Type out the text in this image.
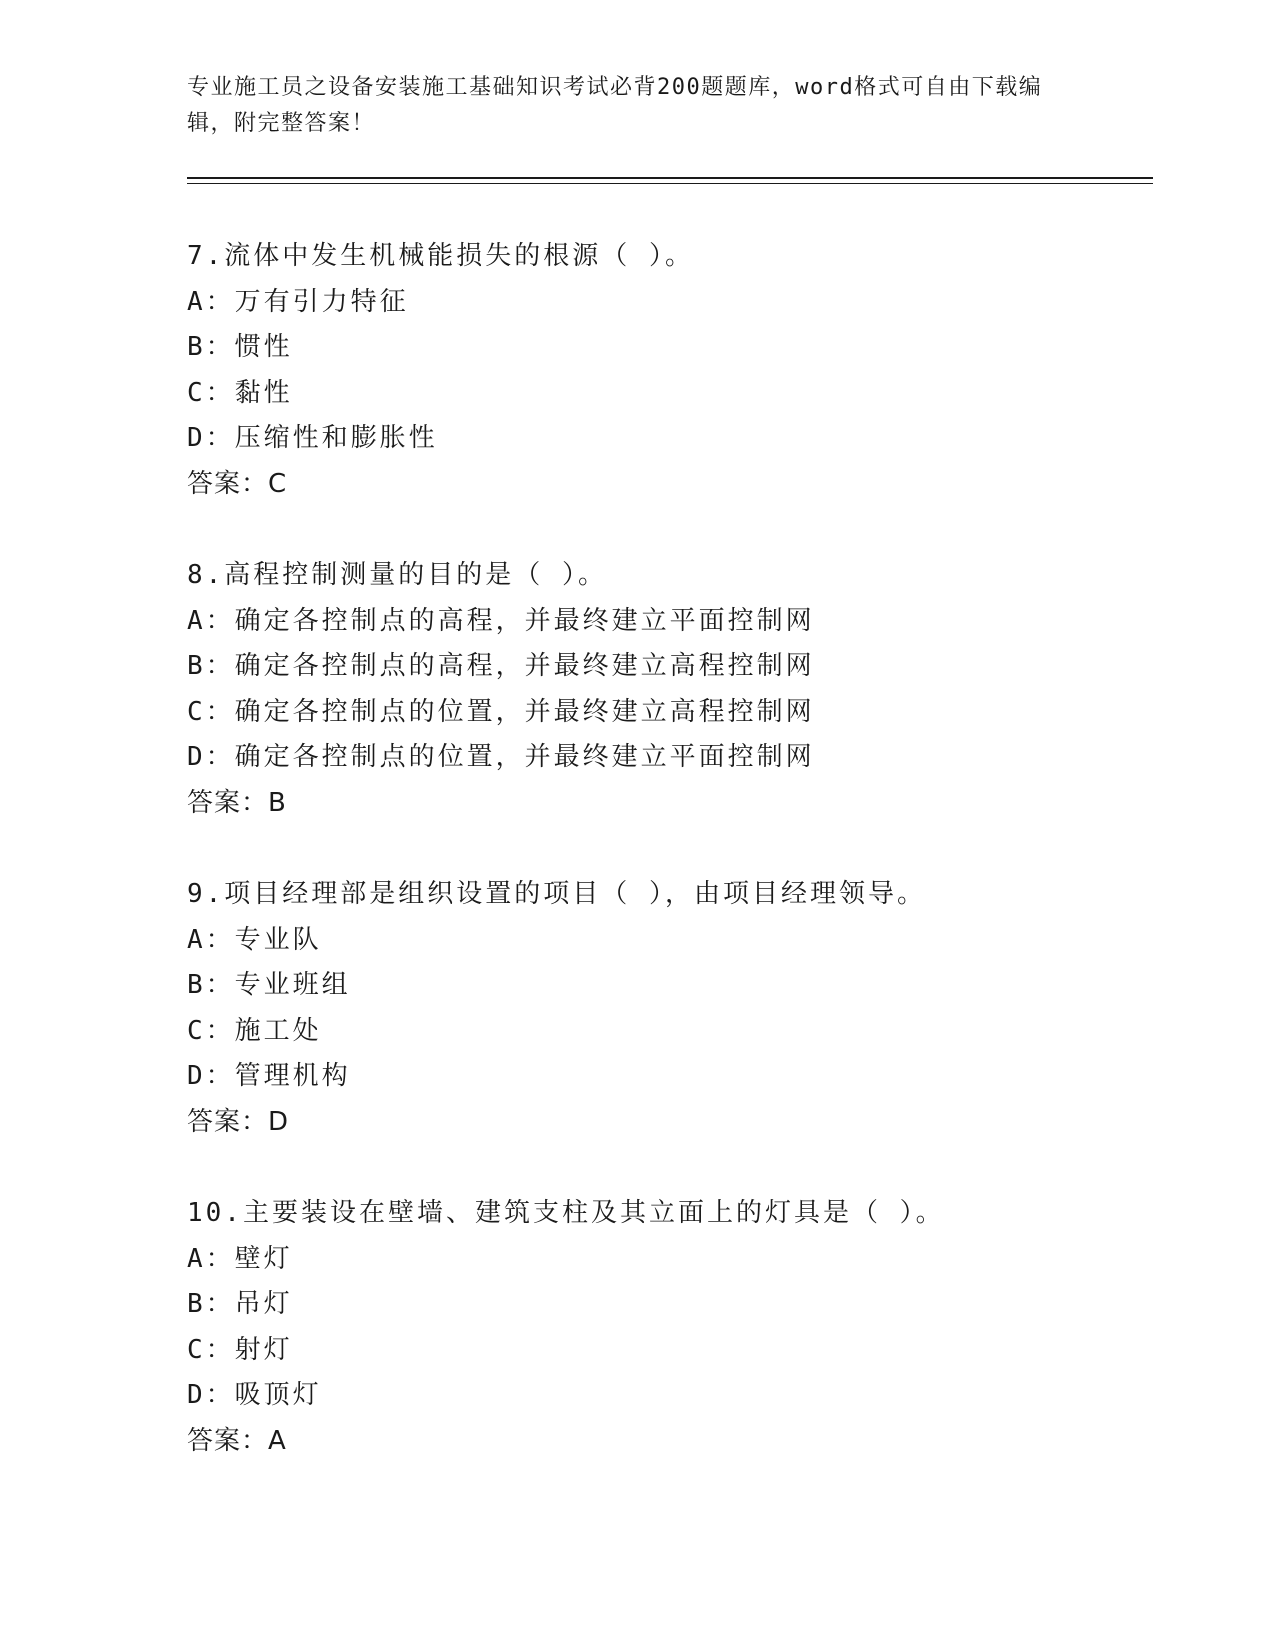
专业施工员之设备安装施工基础知识考试必背200题题库，word格式可自由下载编辑，附完整答案！
7.流体中发生机械能损失的根源（ ）。
A：万有引力特征
B：惯性
C：黏性
D：压缩性和膨胀性
答案：C
8.高程控制测量的目的是（ ）。
A：确定各控制点的高程，并最终建立平面控制网
B：确定各控制点的高程，并最终建立高程控制网
C：确定各控制点的位置，并最终建立高程控制网
D：确定各控制点的位置，并最终建立平面控制网
答案：B
9.项目经理部是组织设置的项目（ ），由项目经理领导。
A：专业队
B：专业班组
C：施工处
D：管理机构
答案：D
10.主要装设在壁墙、建筑支柱及其立面上的灯具是（ ）。
A：壁灯
B：吊灯
C：射灯
D：吸顶灯
答案：A
